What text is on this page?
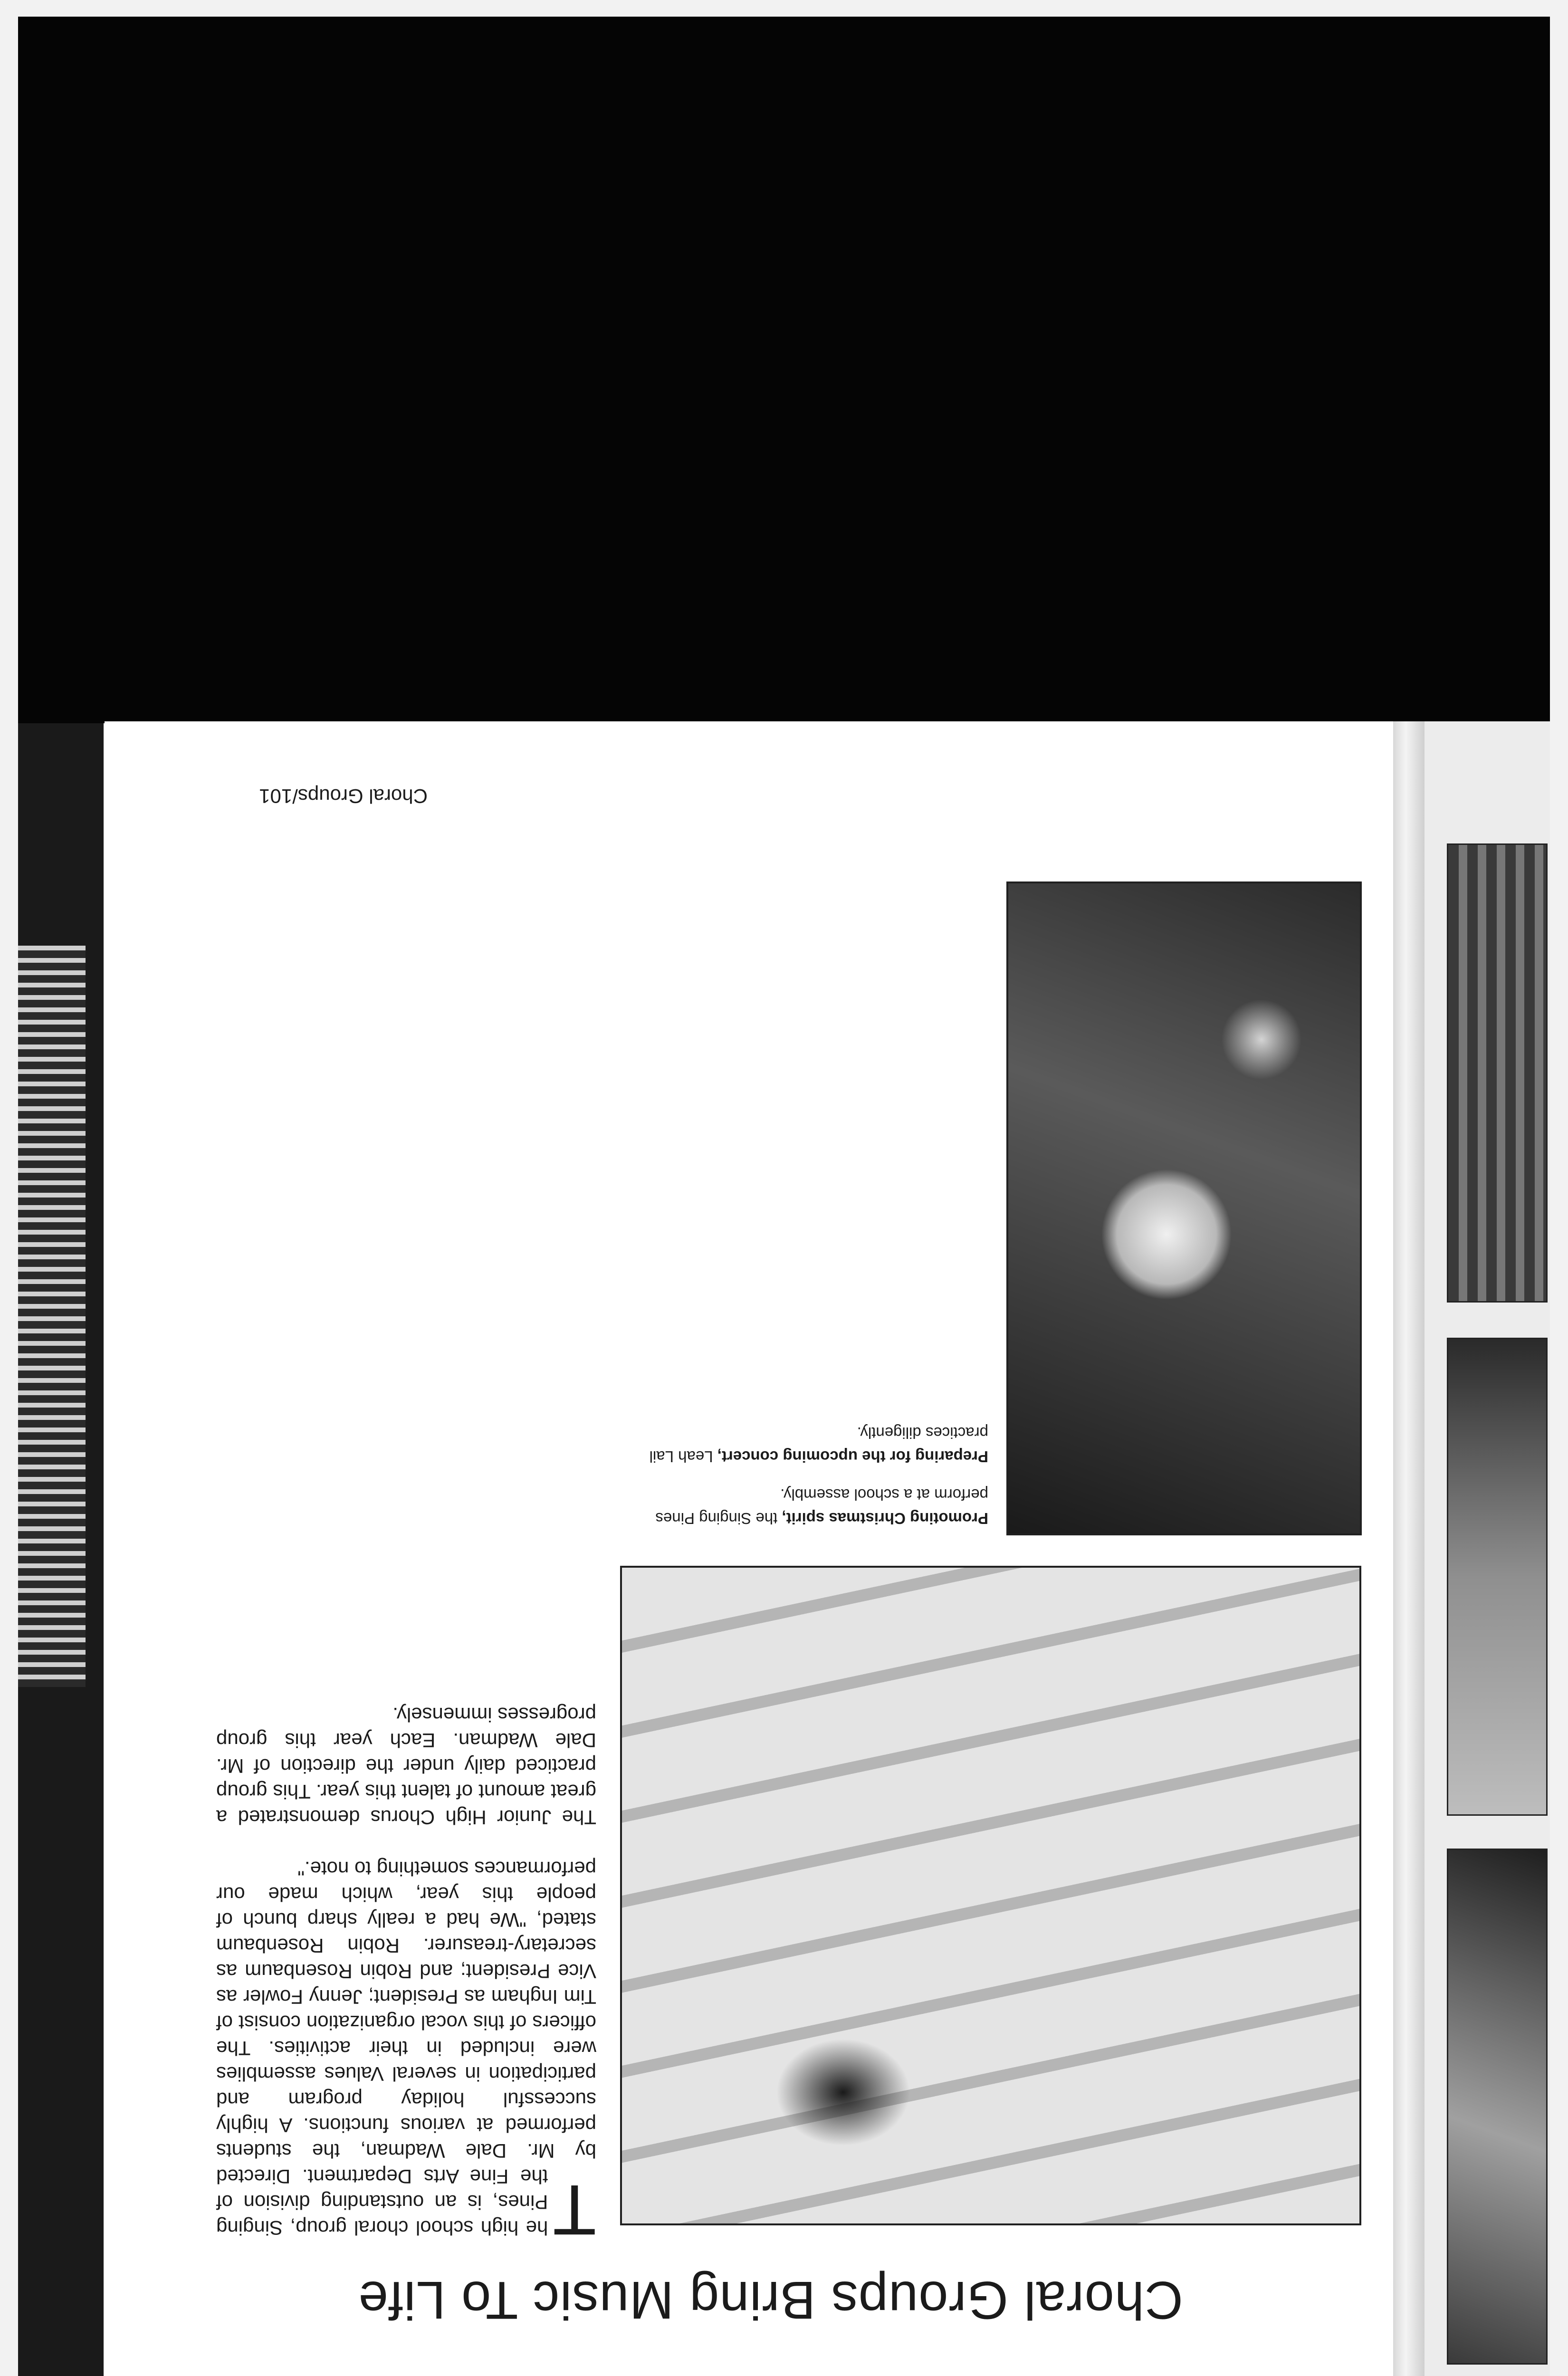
Choral Groups Bring Music To Life

T
he high school choral group, Singing Pines, is an outstanding division of the Fine Arts Department. Directed by Mr. Dale Wadman, the students performed at various functions. A highly successful holiday program and participation in several Values assemblies were included in their activities. The officers of this vocal organization consist of Tim Ingham as President; Jenny Fowler as Vice President; and Robin Rosenbaum as secretary-treasurer. Robin Rosenbaum stated, "We had a really sharp bunch of people this year, which made our performances something to note."

The Junior High Chorus demonstrated a great amount of talent this year. This group practiced daily under the direction of Mr. Dale Wadman. Each year this group progresses immensely.

Promoting Christmas spirit, the Singing Pines perform at a school assembly.

Preparing for the upcoming concert, Leah Lail practices diligently.

Choral Groups/101
